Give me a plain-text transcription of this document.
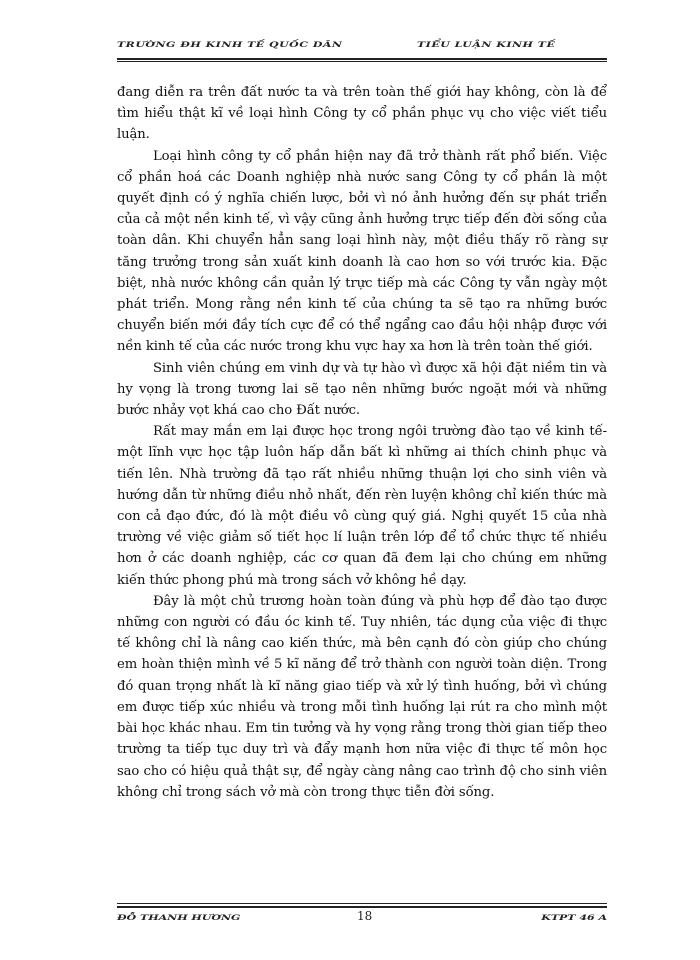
TRƯỜNG ĐH KINH TẾ QUỐC DÂN	TIỂU LUẬN KINH TẾ

đang diễn ra trên đất nước ta và trên toàn thế giới hay không, còn là để tìm hiểu thật kĩ về loại hình Công ty cổ phần phục vụ cho việc viết tiểu luận.

Loại hình công ty cổ phần hiện nay đã trở thành rất phổ biến. Việc cổ phần hoá các Doanh nghiệp nhà nước sang Công ty cổ phần là một quyết định có ý nghĩa chiến lược, bởi vì nó ảnh hưởng đến sự phát triển của cả một nền kinh tế, vì vậy cũng ảnh hưởng trực tiếp đến đời sống của toàn dân. Khi chuyển hẳn sang loại hình này, một điều thấy rõ ràng sự tăng trưởng trong sản xuất kinh doanh là cao hơn so với trước kia. Đặc biệt, nhà nước không cần quản lý trực tiếp mà các Công ty vẫn ngày một phát triển. Mong rằng nền kinh tế của chúng ta sẽ tạo ra những bước chuyển biến mới đầy tích cực để có thể ngẩng cao đầu hội nhập được với nền kinh tế của các nước trong khu vực hay xa hơn là trên toàn thế giới.

Sinh viên chúng em vinh dự và tự hào vì được xã hội đặt niềm tin và hy vọng là trong tương lai sẽ tạo nên những bước ngoặt mới và những bước nhảy vọt khá cao cho Đất nước.

Rất may mắn em lại được học trong ngôi trường đào tạo về kinh tế- một lĩnh vực học tập luôn hấp dẫn bất kì những ai thích chinh phục và tiến lên. Nhà trường đã tạo rất nhiều những thuận lợi cho sinh viên và hướng dẫn từ những điều nhỏ nhất, đến rèn luyện không chỉ kiến thức mà con cả đạo đức, đó là một điều vô cùng quý giá. Nghị quyết 15 của nhà trường về việc giảm số tiết học lí luận trên lớp để tổ chức thực tế nhiều hơn ở các doanh nghiệp, các cơ quan đã đem lại cho chúng em những kiến thức phong phú mà trong sách vở không hề dạy.

Đây là một chủ trương hoàn toàn đúng và phù hợp để đào tạo được những con người có đầu óc kinh tế. Tuy nhiên, tác dụng của việc đi thực tế không chỉ là nâng cao kiến thức, mà bên cạnh đó còn giúp cho chúng em hoàn thiện mình về 5 kĩ năng để trở thành con người toàn diện. Trong đó quan trọng nhất là kĩ năng giao tiếp và xử lý tình huống, bởi vì chúng em được tiếp xúc nhiều và trong mỗi tình huống lại rút ra cho mình một bài học khác nhau. Em tin tưởng và hy vọng rằng trong thời gian tiếp theo trường ta tiếp tục duy trì và đẩy mạnh hơn nữa việc đi thực tế môn học sao cho có hiệu quả thật sự, để ngày càng nâng cao trình độ cho sinh viên không chỉ trong sách vở mà còn trong thực tiễn đời sống.

ĐỖ THANH HƯƠNG	18	KTPT 46 A
